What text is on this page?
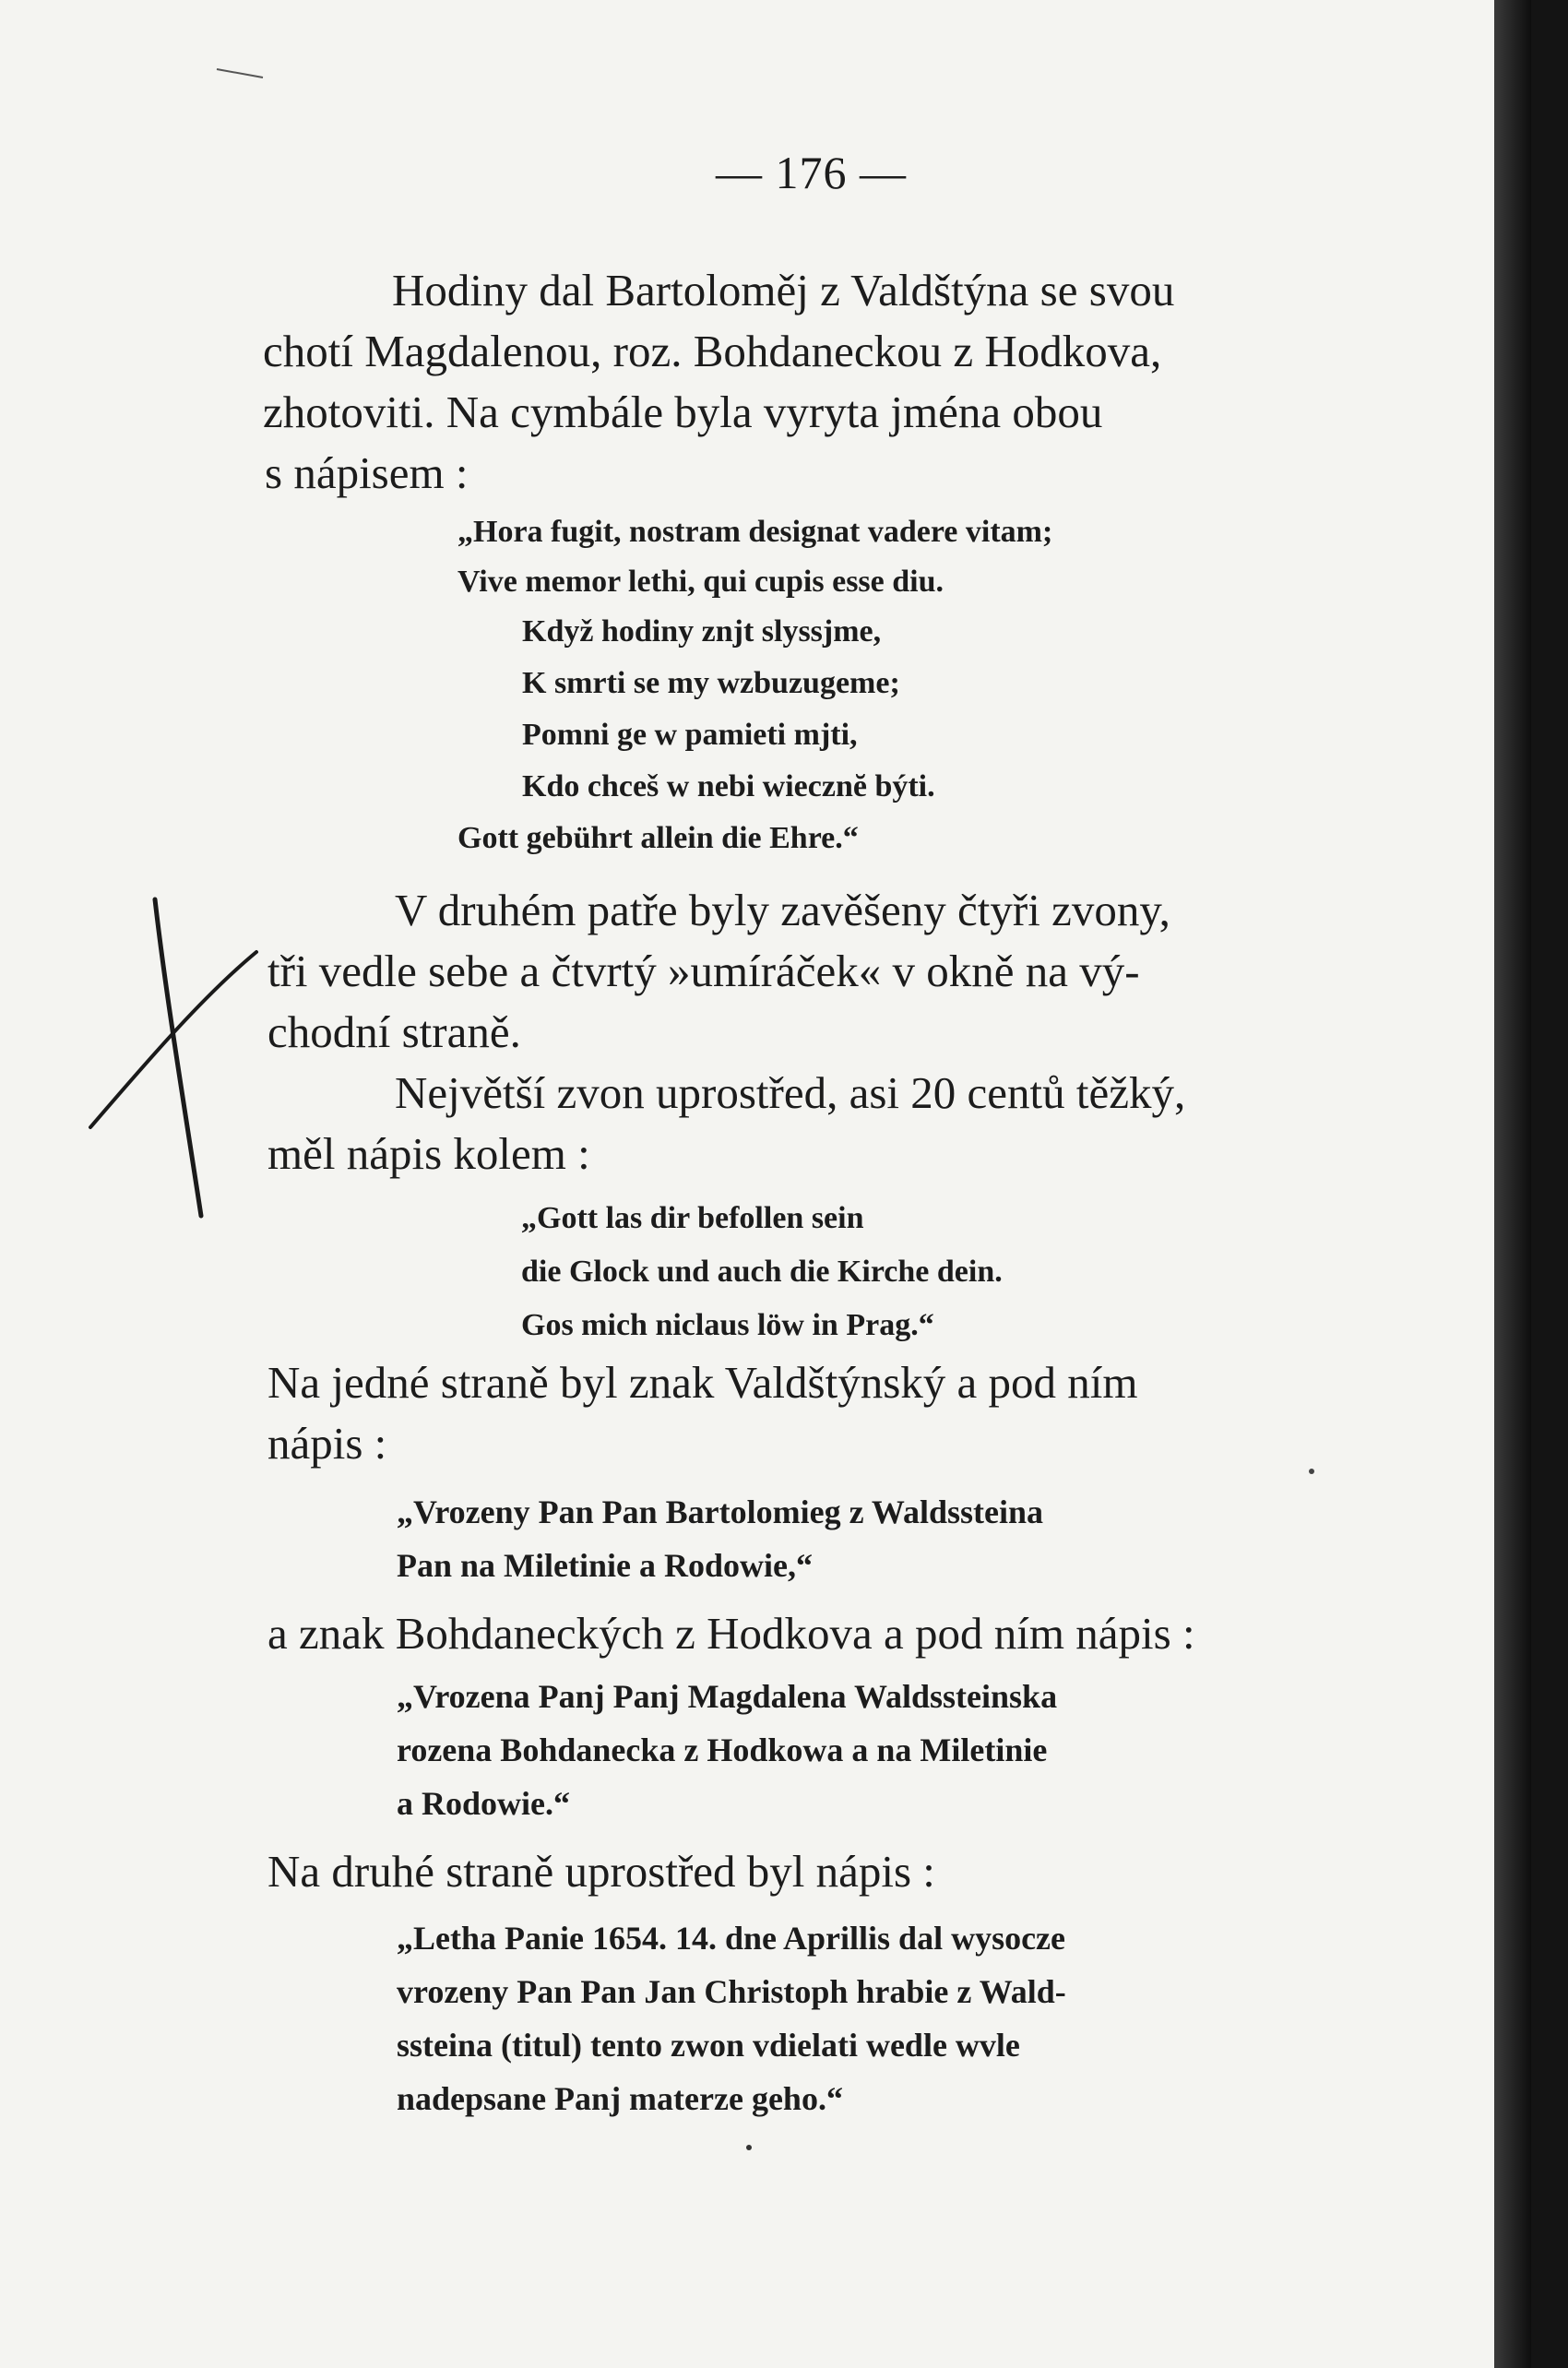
— 176 —
Hodiny dal Bartoloměj z Valdštýna se svou
chotí Magdalenou, roz. Bohdaneckou z Hodkova,
zhotoviti. Na cymbále byla vyryta jména obou
s nápisem :
„Hora fugit, nostram designat vadere vitam;
Vive memor lethi, qui cupis esse diu.
Když hodiny znjt slyssjme,
K smrti se my wzbuzugeme;
Pomni ge w pamieti mjti,
Kdo chceš w nebi wiecznĕ býti.
Gott gebührt allein die Ehre.“
V druhém patře byly zavěšeny čtyři zvony,
tři vedle sebe a čtvrtý »umíráček« v okně na vý-
chodní straně.
Největší zvon uprostřed, asi 20 centů těžký,
měl nápis kolem :
„Gott las dir befollen sein
die Glock und auch die Kirche dein.
Gos mich niclaus löw in Prag.“
Na jedné straně byl znak Valdštýnský a pod ním
nápis :
„Vrozeny Pan Pan Bartolomieg z Waldssteina
Pan na Miletinie a Rodowie,“
a znak Bohdaneckých z Hodkova a pod ním nápis :
„Vrozena Panj Panj Magdalena Waldssteinska
rozena Bohdanecka z Hodkowa a na Miletinie
a Rodowie.“
Na druhé straně uprostřed byl nápis :
„Letha Panie 1654. 14. dne Aprillis dal wysocze
vrozeny Pan Pan Jan Christoph hrabie z Wald-
ssteina (titul) tento zwon vdielati wedle wvle
nadepsane Panj materze geho.“
